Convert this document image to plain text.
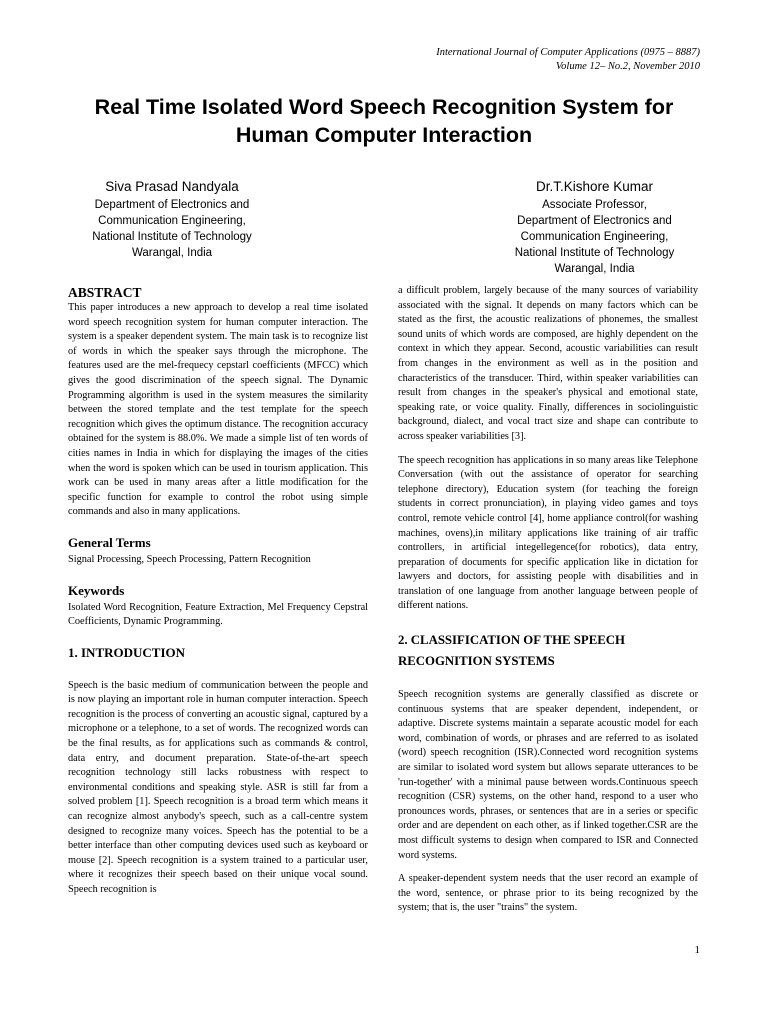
International Journal of Computer Applications (0975 – 8887)
Volume 12– No.2, November 2010
Real Time Isolated Word Speech Recognition System for
Human Computer Interaction
Siva Prasad Nandyala
Department of Electronics and
Communication Engineering,
National Institute of Technology
Warangal, India
Dr.T.Kishore Kumar
Associate Professor,
Department of Electronics and
Communication Engineering,
National Institute of Technology
Warangal, India
ABSTRACT

This paper introduces a new approach to develop a real time isolated word speech recognition system for human computer interaction. The system is a speaker dependent system. The main task is to recognize list of words in which the speaker says through the microphone. The features used are the mel-frequecy cepstarl coefficients (MFCC) which gives the good discrimination of the speech signal. The Dynamic Programming algorithm is used in the system measures the similarity between the stored template and the test template for the speech recognition which gives the optimum distance. The recognition accuracy obtained for the system is 88.0%. We made a simple list of ten words of cities names in India in which for displaying the images of the cities when the word is spoken which can be used in tourism application. This work can be used in many areas after a little modification for the specific function for example to control the robot using simple commands and also in many applications.

General Terms

Signal Processing, Speech Processing, Pattern Recognition

Keywords

Isolated Word Recognition, Feature Extraction, Mel Frequency Cepstral Coefficients, Dynamic Programming.

1. INTRODUCTION

Speech is the basic medium of communication between the people and is now playing an important role in human computer interaction. Speech recognition is the process of converting an acoustic signal, captured by a microphone or a telephone, to a set of words. The recognized words can be the final results, as for applications such as commands & control, data entry, and document preparation. State-of-the-art speech recognition technology still lacks robustness with respect to environmental conditions and speaking style. ASR is still far from a solved problem [1]. Speech recognition is a broad term which means it can recognize almost anybody's speech, such as a call-centre system designed to recognize many voices. Speech has the potential to be a better interface than other computing devices used such as keyboard or mouse [2]. Speech recognition is a system trained to a particular user, where it recognizes their speech based on their unique vocal sound. Speech recognition is

a difficult problem, largely because of the many sources of variability associated with the signal. It depends on many factors which can be stated as the first, the acoustic realizations of phonemes, the smallest sound units of which words are composed, are highly dependent on the context in which they appear. Second, acoustic variabilities can result from changes in the environment as well as in the position and characteristics of the transducer. Third, within speaker variabilities can result from changes in the speaker's physical and emotional state, speaking rate, or voice quality. Finally, differences in sociolinguistic background, dialect, and vocal tract size and shape can contribute to across speaker variabilities [3].

The speech recognition has applications in so many areas like Telephone Conversation (with out the assistance of operator for searching telephone directory), Education system (for teaching the foreign students in correct pronunciation), in playing video games and toys control, remote vehicle control [4], home appliance control(for washing machines, ovens),in military applications like training of air traffic controllers, in artificial integellegence(for robotics), data entry, preparation of documents for specific application like in dictation for lawyers and doctors, for assisting people with disabilities and in translation of one language from another language between people of different nations.

2. CLASSIFICATION OF THE SPEECH
RECOGNITION SYSTEMS

Speech recognition systems are generally classified as discrete or continuous systems that are speaker dependent, independent, or adaptive. Discrete systems maintain a separate acoustic model for each word, combination of words, or phrases and are referred to as isolated (word) speech recognition (ISR).Connected word recognition systems are similar to isolated word system but allows separate utterances to be 'run-together' with a minimal pause between words.Continuous speech recognition (CSR) systems, on the other hand, respond to a user who pronounces words, phrases, or sentences that are in a series or specific order and are dependent on each other, as if linked together.CSR are the most difficult systems to design when compared to ISR and Connected word systems.

A speaker-dependent system needs that the user record an example of the word, sentence, or phrase prior to its being recognized by the system; that is, the user "trains" the system.

1
